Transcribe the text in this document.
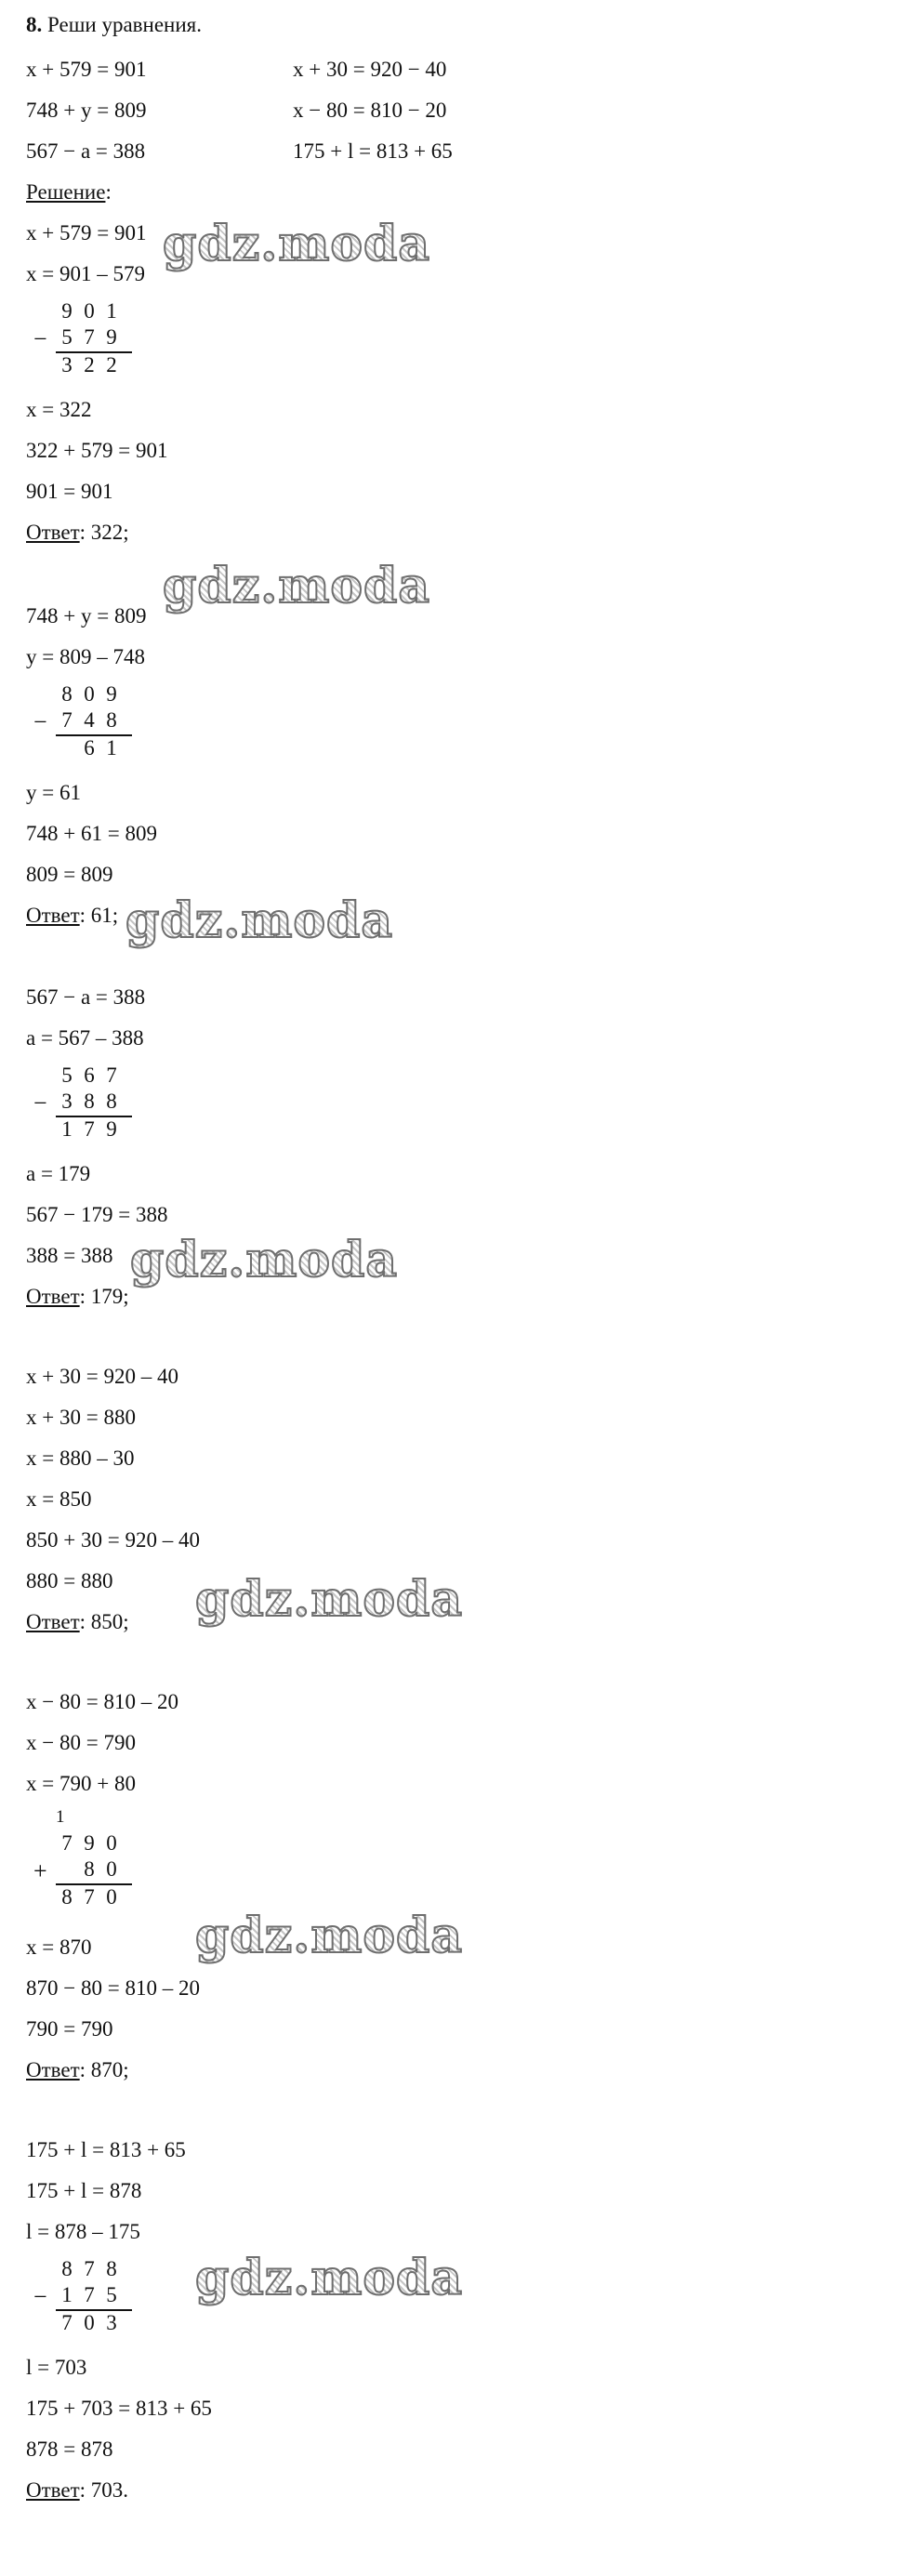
8. Реши уравнения.
x + 579 = 901	x + 30 = 920 − 40
748 + y = 809	x − 80 = 810 − 20
567 − a = 388	175 + l = 813 + 65
Решение:
x + 579 = 901
x = 901 – 579
−
9 0 1
5 7 9
3 2 2
x = 322
322 + 579 = 901
901 = 901
Ответ: 322;
gdz.moda
748 + y = 809
y = 809 – 748
−
8 0 9
7 4 8
6 1
y = 61
748 + 61 = 809
809 = 809
Ответ: 61;
gdz.moda
gdz.moda
567 − a = 388
a = 567 – 388
−
5 6 7
3 8 8
1 7 9
a = 179
567 − 179 = 388
388 = 388
Ответ: 179;
gdz.moda
x + 30 = 920 – 40
x + 30 = 880
x = 880 – 30
x = 850
850 + 30 = 920 – 40
880 = 880
Ответ: 850; gdz.moda
x − 80 = 810 – 20
x − 80 = 790
x = 790 + 80
1
+
7 9 0
8 0
8 7 0
x = 870
870 − 80 = 810 – 20
790 = 790
Ответ: 870;
gdz.moda
175 + l = 813 + 65
175 + l = 878
l = 878 – 175
−
8 7 8
1 7 5
7 0 3
l = 703
175 + 703 = 813 + 65
878 = 878
Ответ: 703.
gdz.moda
